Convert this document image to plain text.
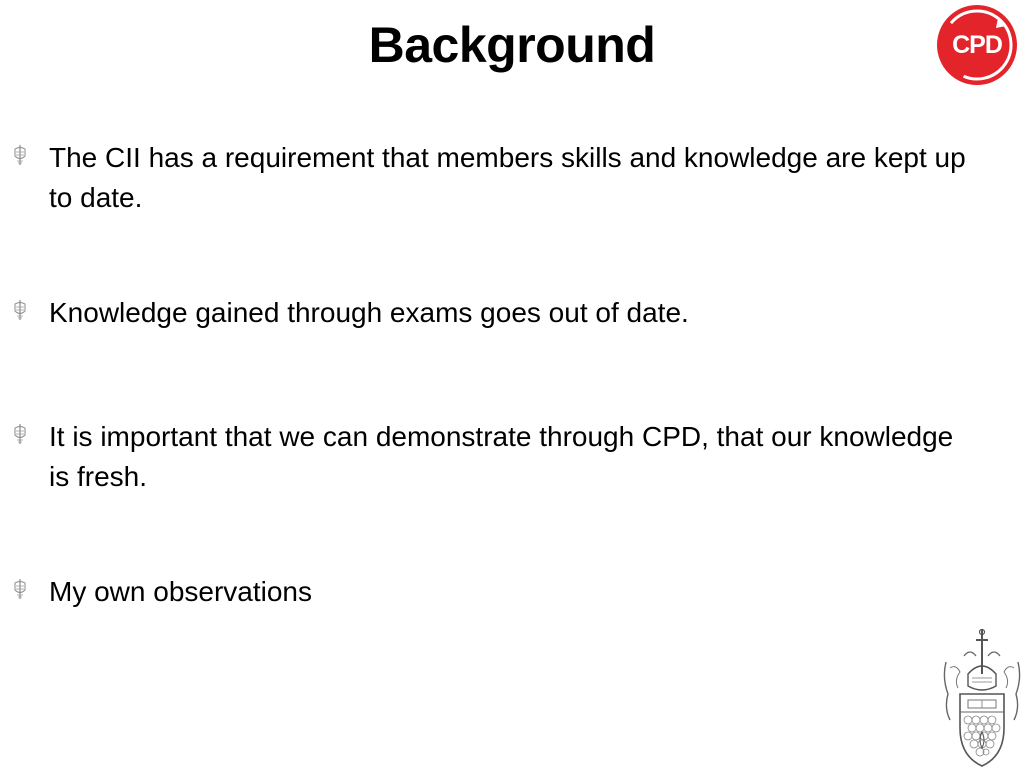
Background	CPD
The CII has a requirement that members skills and knowledge are kept up to date.
Knowledge gained through exams goes out of date.
It is important that we can demonstrate through CPD, that our knowledge is fresh.
My own observations
